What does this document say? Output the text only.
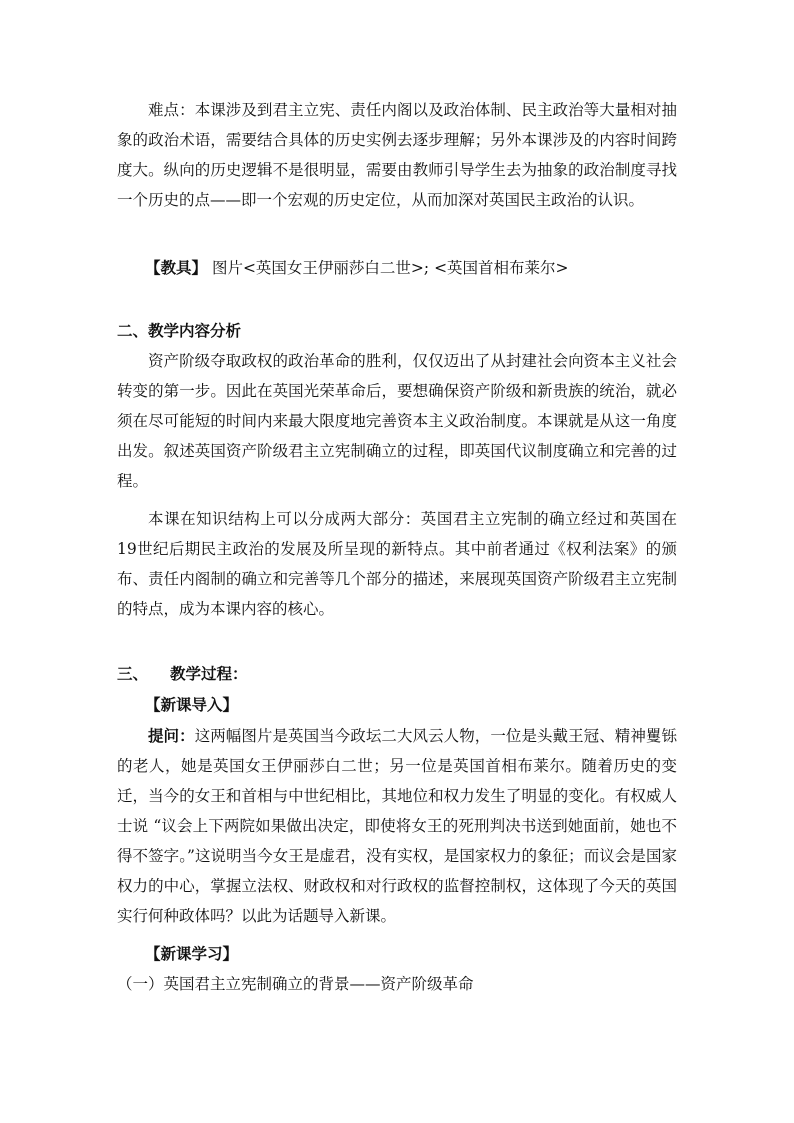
难点：本课涉及到君主立宪、责任内阁以及政治体制、民主政治等大量相对抽象的政治术语，需要结合具体的历史实例去逐步理解；另外本课涉及的内容时间跨度大。纵向的历史逻辑不是很明显，需要由教师引导学生去为抽象的政治制度寻找一个历史的点——即一个宏观的历史定位，从而加深对英国民主政治的认识。

【教具】 图片<英国女王伊丽莎白二世>; <英国首相布莱尔>
二、教学内容分析

资产阶级夺取政权的政治革命的胜利，仅仅迈出了从封建社会向资本主义社会转变的第一步。因此在英国光荣革命后，要想确保资产阶级和新贵族的统治，就必须在尽可能短的时间内来最大限度地完善资本主义政治制度。本课就是从这一角度出发。叙述英国资产阶级君主立宪制确立的过程，即英国代议制度确立和完善的过程。

本课在知识结构上可以分成两大部分：英国君主立宪制的确立经过和英国在19世纪后期民主政治的发展及所呈现的新特点。其中前者通过《权利法案》的颁布、责任内阁制的确立和完善等几个部分的描述，来展现英国资产阶级君主立宪制的特点，成为本课内容的核心。

三、 教学过程：
【新课导入】

提问：这两幅图片是英国当今政坛二大风云人物，一位是头戴王冠、精神矍铄的老人，她是英国女王伊丽莎白二世；另一位是英国首相布莱尔。随着历史的变迁，当今的女王和首相与中世纪相比，其地位和权力发生了明显的变化。有权威人士说 “议会上下两院如果做出决定，即使将女王的死刑判决书送到她面前，她也不得不签字。”这说明当今女王是虚君，没有实权，是国家权力的象征；而议会是国家权力的中心，掌握立法权、财政权和对行政权的监督控制权，这体现了今天的英国实行何种政体吗？以此为话题导入新课。

【新课学习】
（一）英国君主立宪制确立的背景——资产阶级革命
